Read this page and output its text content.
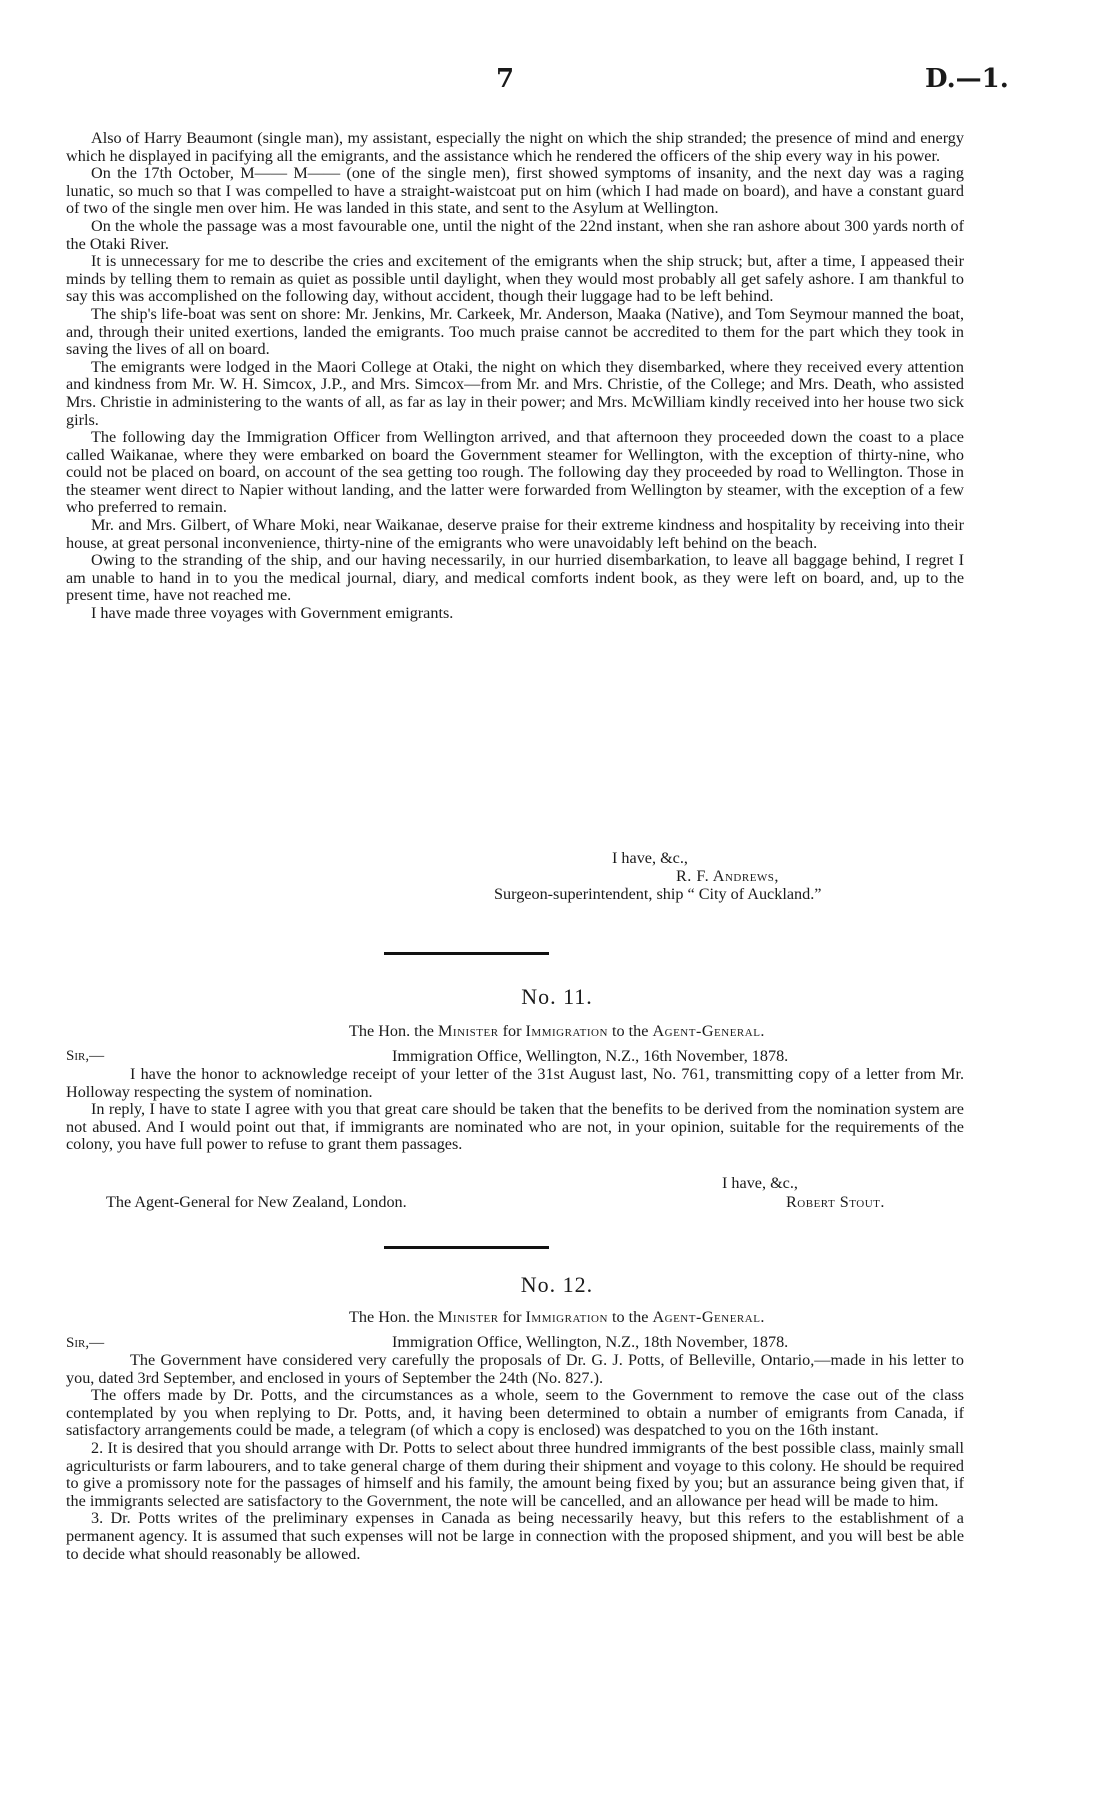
7	D.—1.

Also of Harry Beaumont (single man), my assistant, especially the night on which the ship stranded; the presence of mind and energy which he displayed in pacifying all the emigrants, and the assistance which he rendered the officers of the ship every way in his power.

On the 17th October, M—— M—— (one of the single men), first showed symptoms of insanity, and the next day was a raging lunatic, so much so that I was compelled to have a straight-waistcoat put on him (which I had made on board), and have a constant guard of two of the single men over him. He was landed in this state, and sent to the Asylum at Wellington.

On the whole the passage was a most favourable one, until the night of the 22nd instant, when she ran ashore about 300 yards north of the Otaki River.

It is unnecessary for me to describe the cries and excitement of the emigrants when the ship struck; but, after a time, I appeased their minds by telling them to remain as quiet as possible until daylight, when they would most probably all get safely ashore. I am thankful to say this was accomplished on the following day, without accident, though their luggage had to be left behind.

The ship's life-boat was sent on shore: Mr. Jenkins, Mr. Carkeek, Mr. Anderson, Maaka (Native), and Tom Seymour manned the boat, and, through their united exertions, landed the emigrants. Too much praise cannot be accredited to them for the part which they took in saving the lives of all on board.

The emigrants were lodged in the Maori College at Otaki, the night on which they disembarked, where they received every attention and kindness from Mr. W. H. Simcox, J.P., and Mrs. Simcox—from Mr. and Mrs. Christie, of the College; and Mrs. Death, who assisted Mrs. Christie in administering to the wants of all, as far as lay in their power; and Mrs. McWilliam kindly received into her house two sick girls.

The following day the Immigration Officer from Wellington arrived, and that afternoon they proceeded down the coast to a place called Waikanae, where they were embarked on board the Government steamer for Wellington, with the exception of thirty-nine, who could not be placed on board, on account of the sea getting too rough. The following day they proceeded by road to Wellington. Those in the steamer went direct to Napier without landing, and the latter were forwarded from Wellington by steamer, with the exception of a few who preferred to remain.

Mr. and Mrs. Gilbert, of Whare Moki, near Waikanae, deserve praise for their extreme kindness and hospitality by receiving into their house, at great personal inconvenience, thirty-nine of the emigrants who were unavoidably left behind on the beach.

Owing to the stranding of the ship, and our having necessarily, in our hurried disembarkation, to leave all baggage behind, I regret I am unable to hand in to you the medical journal, diary, and medical comforts indent book, as they were left on board, and, up to the present time, have not reached me.

I have made three voyages with Government emigrants.

I have, &c.,
R. F. Andrews,
Surgeon-superintendent, ship “ City of Auckland.”
No. 11.
The Hon. the Minister for Immigration to the Agent-General.
Sir,—	Immigration Office, Wellington, N.Z., 16th November, 1878.

I have the honor to acknowledge receipt of your letter of the 31st August last, No. 761, transmitting copy of a letter from Mr. Holloway respecting the system of nomination.

In reply, I have to state I agree with you that great care should be taken that the benefits to be derived from the nomination system are not abused. And I would point out that, if immigrants are nominated who are not, in your opinion, suitable for the requirements of the colony, you have full power to refuse to grant them passages.

I have, &c.,
The Agent-General for New Zealand, London.	Robert Stout.
No. 12.
The Hon. the Minister for Immigration to the Agent-General.
Sir,—	Immigration Office, Wellington, N.Z., 18th November, 1878.

The Government have considered very carefully the proposals of Dr. G. J. Potts, of Belleville, Ontario,—made in his letter to you, dated 3rd September, and enclosed in yours of September the 24th (No. 827.).

The offers made by Dr. Potts, and the circumstances as a whole, seem to the Government to remove the case out of the class contemplated by you when replying to Dr. Potts, and, it having been determined to obtain a number of emigrants from Canada, if satisfactory arrangements could be made, a telegram (of which a copy is enclosed) was despatched to you on the 16th instant.

2. It is desired that you should arrange with Dr. Potts to select about three hundred immigrants of the best possible class, mainly small agriculturists or farm labourers, and to take general charge of them during their shipment and voyage to this colony. He should be required to give a promissory note for the passages of himself and his family, the amount being fixed by you; but an assurance being given that, if the immigrants selected are satisfactory to the Government, the note will be cancelled, and an allowance per head will be made to him.

3. Dr. Potts writes of the preliminary expenses in Canada as being necessarily heavy, but this refers to the establishment of a permanent agency. It is assumed that such expenses will not be large in connection with the proposed shipment, and you will best be able to decide what should reasonably be allowed.
